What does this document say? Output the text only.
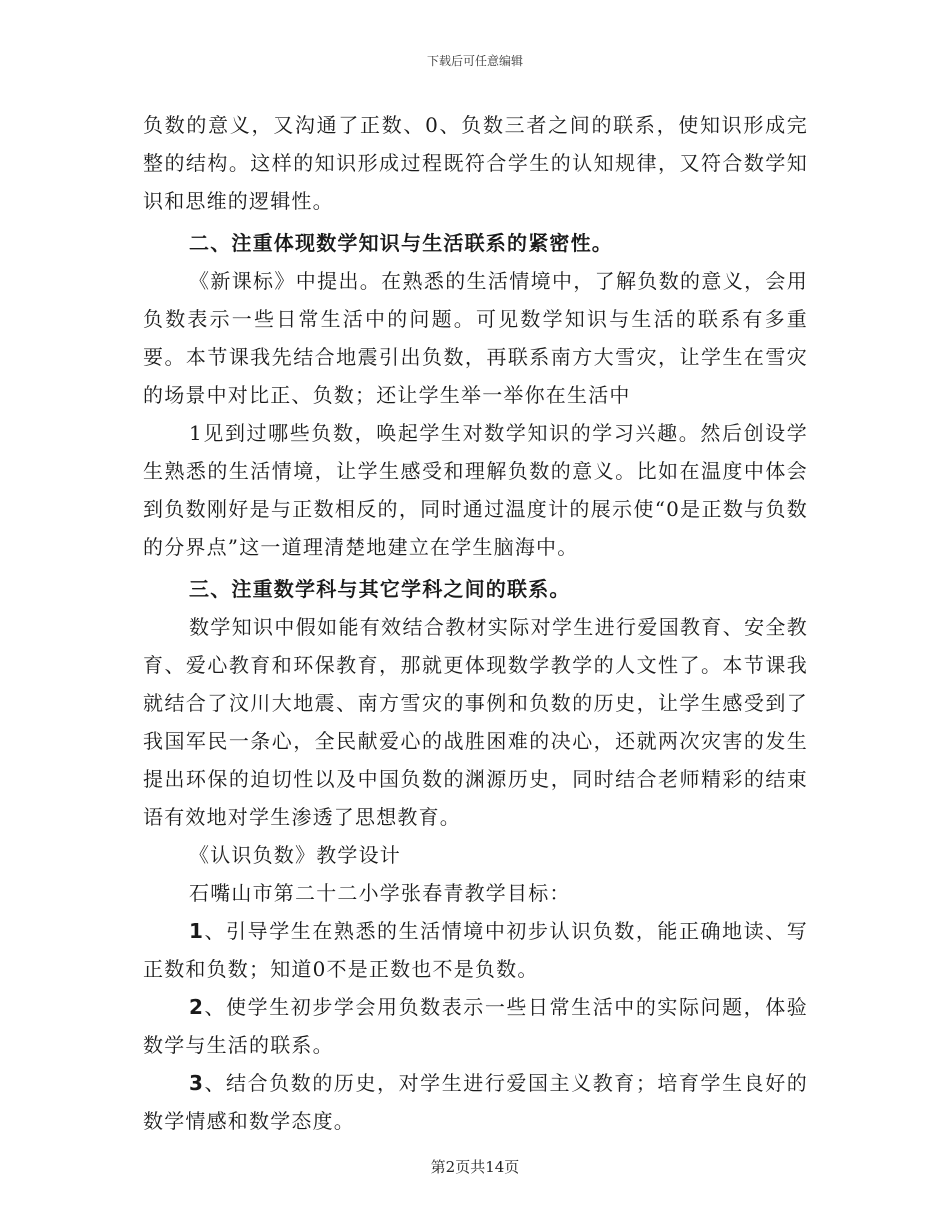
下载后可任意编辑

负数的意义，又沟通了正数、0、负数三者之间的联系，使知识形成完整的结构。这样的知识形成过程既符合学生的认知规律，又符合数学知识和思维的逻辑性。

二、注重体现数学知识与生活联系的紧密性。

《新课标》中提出。在熟悉的生活情境中，了解负数的意义，会用负数表示一些日常生活中的问题。可见数学知识与生活的联系有多重要。本节课我先结合地震引出负数，再联系南方大雪灾，让学生在雪灾的场景中对比正、负数；还让学生举一举你在生活中

1见到过哪些负数，唤起学生对数学知识的学习兴趣。然后创设学生熟悉的生活情境，让学生感受和理解负数的意义。比如在温度中体会到负数刚好是与正数相反的，同时通过温度计的展示使“0是正数与负数的分界点”这一道理清楚地建立在学生脑海中。

三、注重数学科与其它学科之间的联系。

数学知识中假如能有效结合教材实际对学生进行爱国教育、安全教育、爱心教育和环保教育，那就更体现数学教学的人文性了。本节课我就结合了汶川大地震、南方雪灾的事例和负数的历史，让学生感受到了我国军民一条心，全民献爱心的战胜困难的决心，还就两次灾害的发生提出环保的迫切性以及中国负数的渊源历史，同时结合老师精彩的结束语有效地对学生渗透了思想教育。

《认识负数》教学设计

石嘴山市第二十二小学张春青教学目标：

1、引导学生在熟悉的生活情境中初步认识负数，能正确地读、写正数和负数；知道0不是正数也不是负数。

2、使学生初步学会用负数表示一些日常生活中的实际问题，体验数学与生活的联系。

3、结合负数的历史，对学生进行爱国主义教育；培育学生良好的数学情感和数学态度。

第2页共14页
